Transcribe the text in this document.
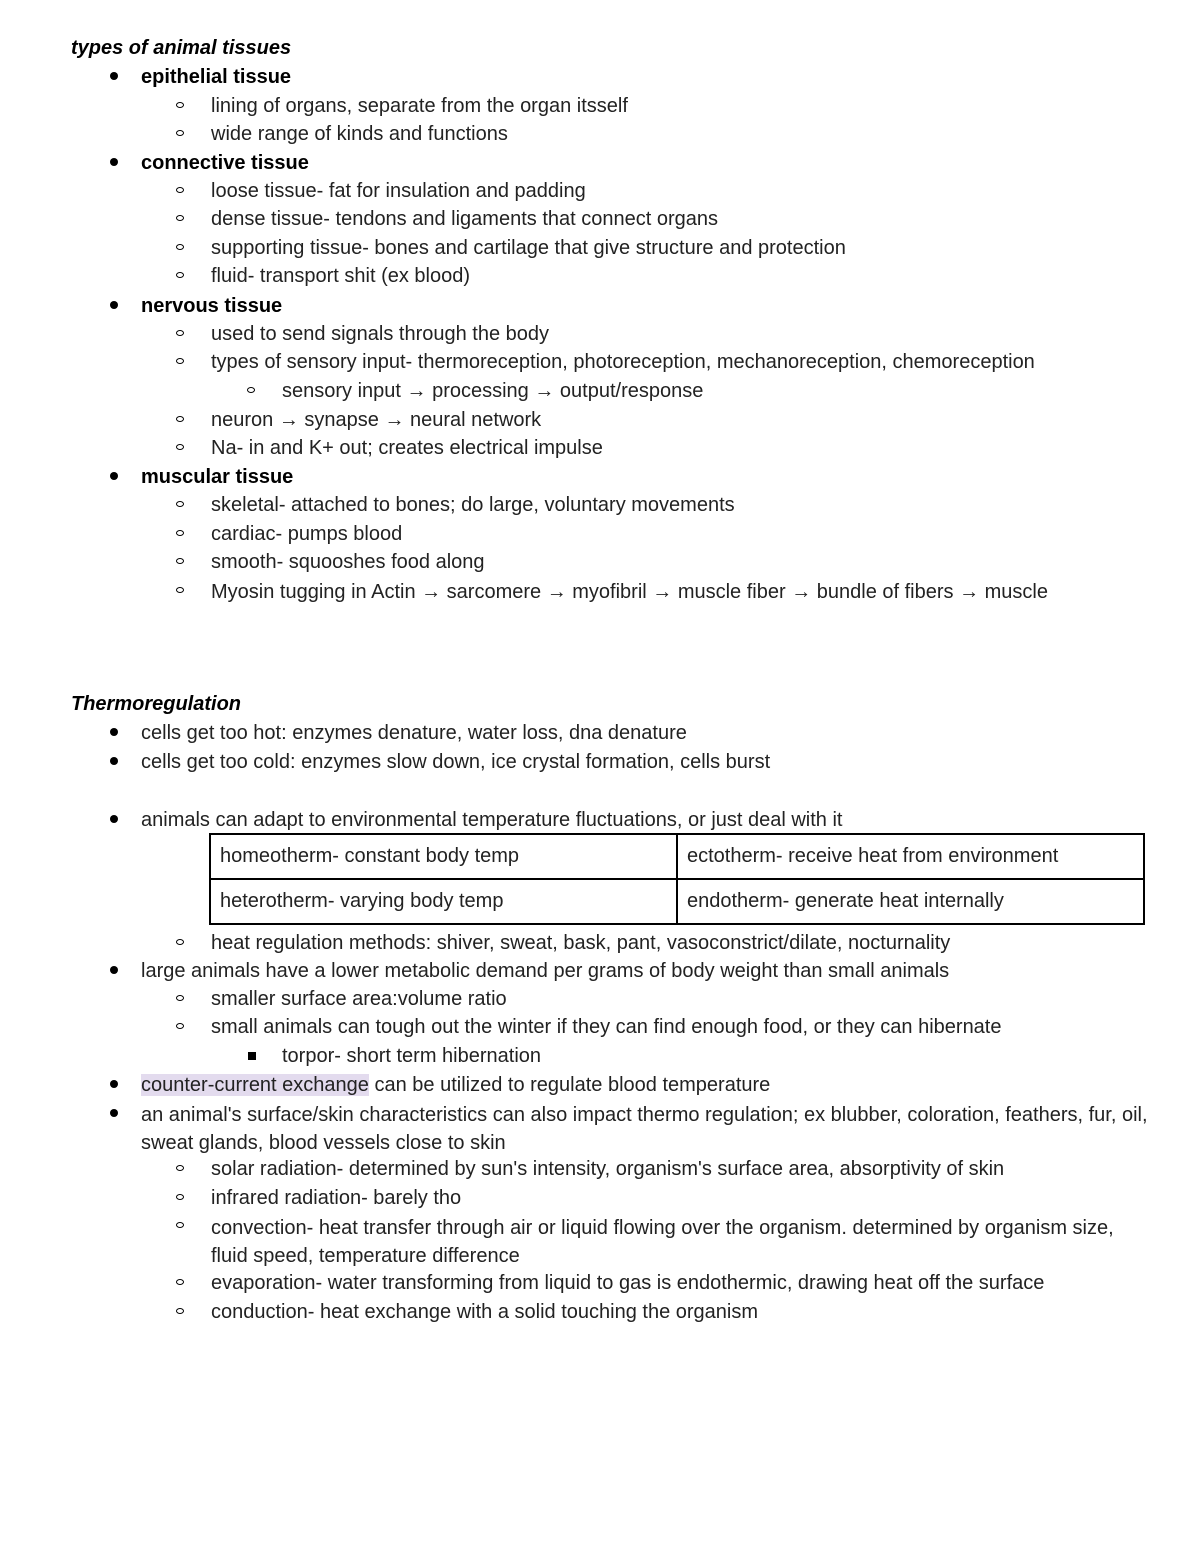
types of animal tissues
epithelial tissue
lining of organs, separate from the organ itsself
wide range of kinds and functions
connective tissue
loose tissue- fat for insulation and padding
dense tissue- tendons and ligaments that connect organs
supporting tissue- bones and cartilage that give structure and protection
fluid- transport shit (ex blood)
nervous tissue
used to send signals through the body
types of sensory input- thermoreception, photoreception, mechanoreception, chemoreception
sensory input → processing → output/response
neuron → synapse → neural network
Na- in and K+ out; creates electrical impulse
muscular tissue
skeletal- attached to bones; do large, voluntary movements
cardiac- pumps blood
smooth- squooshes food along
Myosin tugging in Actin → sarcomere → myofibril → muscle fiber → bundle of fibers → muscle
Thermoregulation
cells get too hot: enzymes denature, water loss, dna denature
cells get too cold: enzymes slow down, ice crystal formation, cells burst
animals can adapt to environmental temperature fluctuations, or just deal with it
homeotherm- constant body temp	ectotherm- receive heat from environment
heterotherm- varying body temp	endotherm- generate heat internally
heat regulation methods: shiver, sweat, bask, pant, vasoconstrict/dilate, nocturnality
large animals have a lower metabolic demand per grams of body weight than small animals
smaller surface area:volume ratio
small animals can tough out the winter if they can find enough food, or they can hibernate
torpor- short term hibernation
counter-current exchange can be utilized to regulate blood temperature
an animal's surface/skin characteristics can also impact thermo regulation; ex blubber, coloration, feathers, fur, oil, sweat glands, blood vessels close to skin
solar radiation- determined by sun's intensity, organism's surface area, absorptivity of skin
infrared radiation- barely tho
convection- heat transfer through air or liquid flowing over the organism. determined by organism size, fluid speed, temperature difference
evaporation- water transforming from liquid to gas is endothermic, drawing heat off the surface
conduction- heat exchange with a solid touching the organism
